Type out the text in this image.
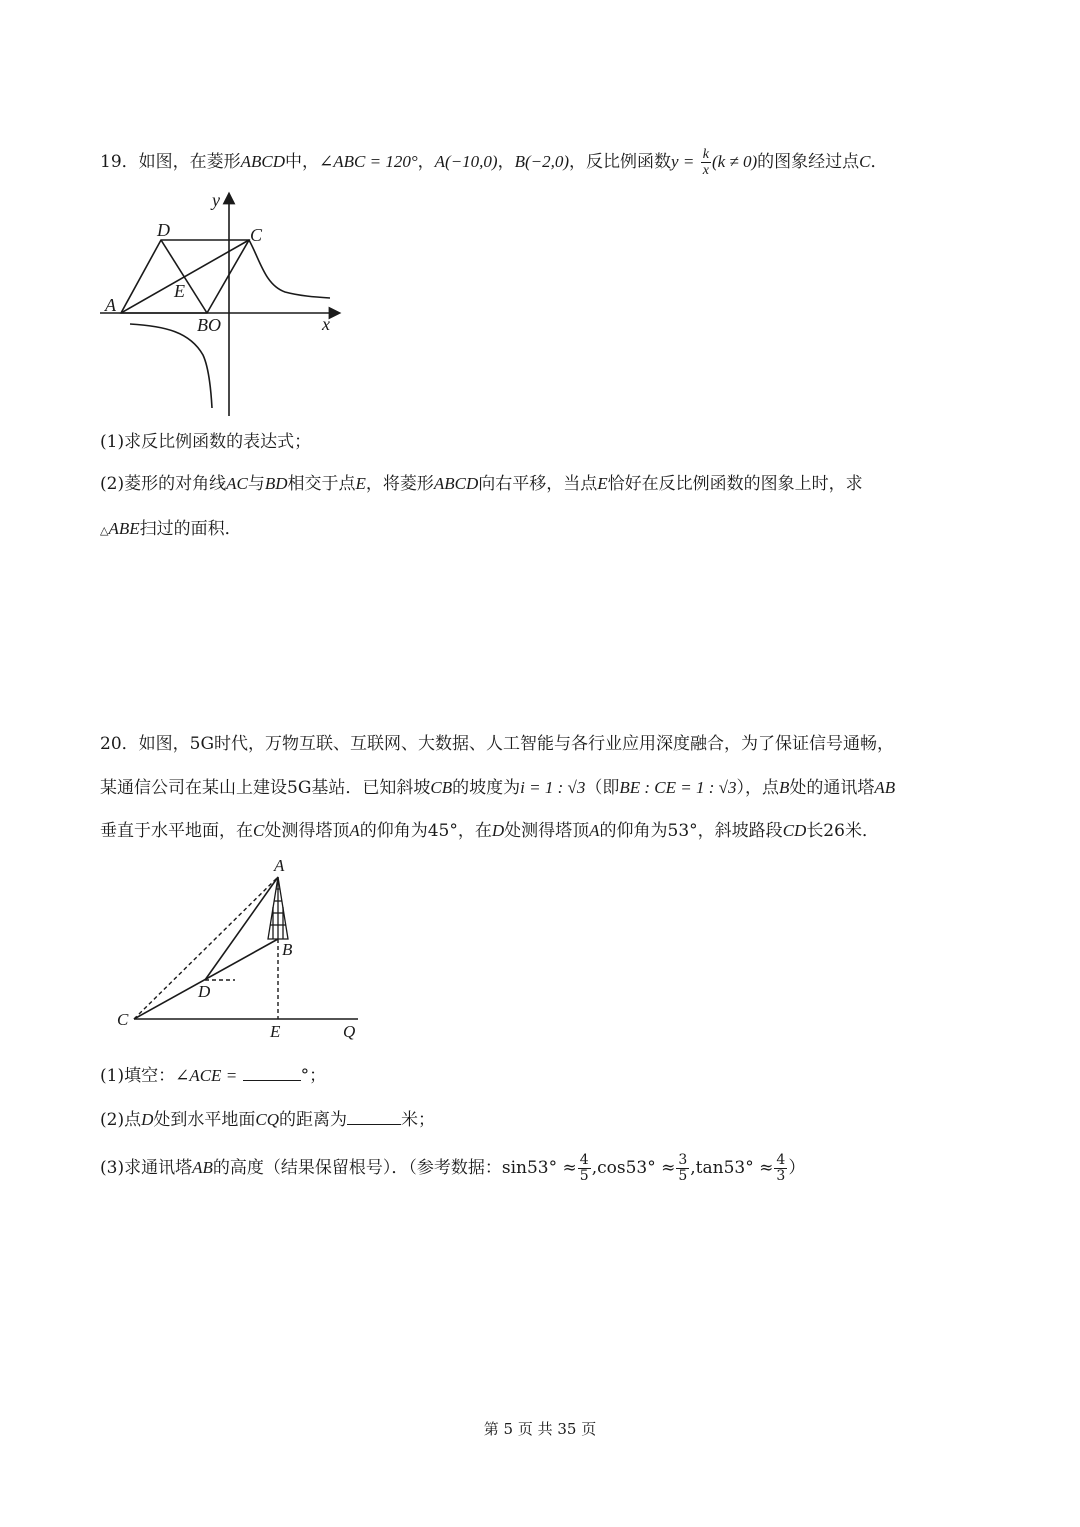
19．如图，在菱形ABCD中，∠ABC = 120°，A(−10,0)，B(−2,0)，反比例函数$y = \frac{k}{x} (k \ne 0)$的图象经过点C．
y
D	C
A
E
BO	x
(1)求反比例函数的表达式；
(2)菱形的对角线AC与BD相交于点E，将菱形ABCD向右平移，当点E恰好在反比例函数的图象上时，求
△ABE扫过的面积．
20．如图，5G时代，万物互联、互联网、大数据、人工智能与各行业应用深度融合，为了保证信号通畅，
某通信公司在某山上建设5G基站．已知斜坡CB的坡度为i = 1 : √3（即BE : CE = 1 : √3），点B处的通讯塔AB
垂直于水平地面，在C处测得塔顶A的仰角为45°，在D处测得塔顶A的仰角为53°，斜坡路段CD长26米．
A
B
D
C
E	Q
(1)填空：∠ACE =	°；
(2)点D处到水平地面CQ的距离为	米；
(3)求通讯塔AB的高度（结果保留根号）．（参考数据：$\sin 53^\circ \approx \frac{4}{5} ,\cos 53^\circ \approx \frac{3}{5} ,\tan 53^\circ \approx \frac{4}{3}$ ）
第 5 页 共 35 页
